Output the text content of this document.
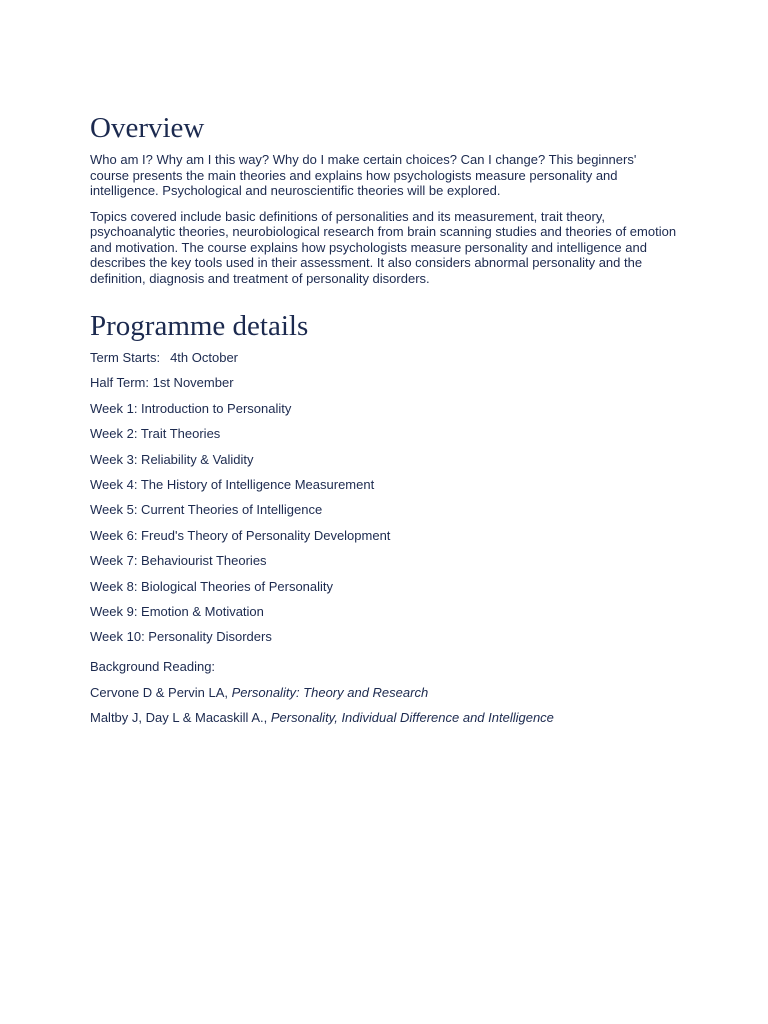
Overview

Who am I? Why am I this way? Why do I make certain choices? Can I change? This beginners' course presents the main theories and explains how psychologists measure personality and intelligence. Psychological and neuroscientific theories will be explored.

Topics covered include basic definitions of personalities and its measurement, trait theory, psychoanalytic theories, neurobiological research from brain scanning studies and theories of emotion and motivation. The course explains how psychologists measure personality and intelligence and describes the key tools used in their assessment. It also considers abnormal personality and the definition, diagnosis and treatment of personality disorders.

Programme details
Term Starts: 4th October
Half Term: 1st November
Week 1: Introduction to Personality
Week 2: Trait Theories
Week 3: Reliability & Validity
Week 4: The History of Intelligence Measurement
Week 5: Current Theories of Intelligence
Week 6: Freud's Theory of Personality Development
Week 7: Behaviourist Theories
Week 8: Biological Theories of Personality
Week 9: Emotion & Motivation
Week 10: Personality Disorders
Background Reading:
Cervone D & Pervin LA, Personality: Theory and Research
Maltby J, Day L & Macaskill A., Personality, Individual Difference and Intelligence
